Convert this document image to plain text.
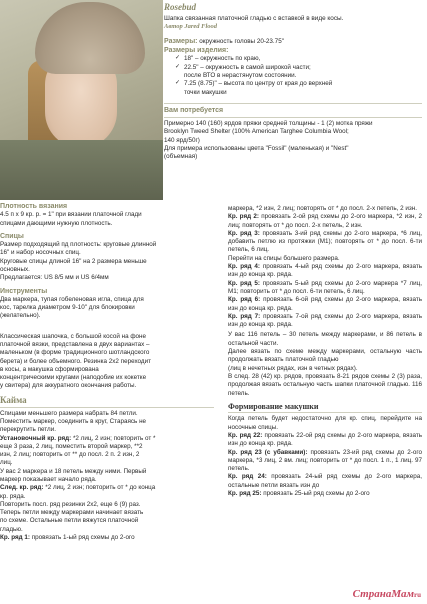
Rosebud
Шапка связанная платочной гладью с вставкой в виде косы.
Автор Jared Flood
Размеры: окружность головы 20-23.75"
Размеры изделия:
✓ 18" – окружность по краю,
✓ 22.5" – окружность в самой широкой части;
после ВТО в нерастянутом состоянии.
✓ 7.25 (8.75)" – высота по центру от края до верхней
точки макушки
Вам потребуется
Примерно 140 (160) ярдов пряжи средней толщины - 1 (2) мотка пряжи
Brooklyn Tweed Shelter (100% American Targhee Columbia Wool;
140 ярд/50г)
Для примера использованы цвета "Fossil" (маленькая) и "Nest"
(объемная)
Плотность вязания

4.5 п х 9 кр. р. = 1" при вязании платочной глади

спицами дающими нужную плотность.

Спицы

Размер подходящий пд плотность: круговые длинной

16" и набор носочных спиц.

Круговые спицы длиной 16" на 2 размера меньше

основных.

Предлагается: US 8/5 мм и US 6/4мм

Инструменты

Два маркера, тупая гобеленовая игла, спица для

кос, тарелка диаметром 9-10" для блокировки

(желательно).

Классическая шапочка, с большой косой на фоне

платочной вязки, представлена в двух вариантах –

маленьком (в форме традиционного шотландского

берета) и более объемного. Резинка 2х2 переходит

в косы, а макушка сформирована

концентрическими кругами (наподобие их кокетке

у свитера) для аккуратного окончания работы.

Кайма

Спицами меньшего размера набрать 84 петли.

Поместить маркер, соединить в круг, Стараясь не

перекрутить петли.

Установочный кр. ряд: *2 лиц, 2 изн; повторить от *

еще 3 раза, 2 лиц, поместить второй маркер, **2

изн, 2 лиц; повторить от ** до посл. 2 п. 2 изн, 2

лиц.

У вас 2 маркера и 18 петель между ними. Первый

маркер показывает начало ряда.

След. кр. ряд: *2 лиц, 2 изн; повторить от * до конца

кр. ряда.

Повторить посл. ряд резинки 2х2, еще 6 (9) раз.

Теперь петли между маркерами начинает вязать

по схеме. Остальные петли вяжутся платочной

гладью.

Кр. ряд 1: провязать 1-ый ряд схемы до 2-ого

маркера, *2 изн, 2 лиц; повторять от * до посл. 2-х петель, 2 изн.

Кр. ряд 2: провязать 2-ой ряд схемы до 2-ого маркера, *2 изн, 2 лиц; повторять от * до посл. 2-х петель, 2 изн.

Кр. ряд 3: провязать 3-ий ряд схемы до 2-ого маркера, *6 лиц, добавить петлю из протяжки (М1); повторять от * до посл. 6-ти петель, 6 лиц.

Перейти на спицы большего размера.

Кр. ряд 4: провязать 4-ый ряд схемы до 2-ого маркера, вязать изн до конца кр. ряда.

Кр. ряд 5: провязать 5-ый ряд схемы до 2-ого маркера *7 лиц, М1; повторить от * до посл. 6-ти петель, 6 лиц.

Кр. ряд 6: провязать 6-ой ряд схемы до 2-ого маркера, вязать изн до конца кр. ряда.

Кр. ряд 7: провязать 7-ой ряд схемы до 2-ого маркера, вязать изн до конца кр. ряда.

У вас 116 петель – 30 петель между маркерами, и 86 петель в остальной части.

Далее вязать по схеме между маркерами, остальную часть продолжать вязать платочной гладью

(лиц в нечетных рядах, изн в четных рядах).

В след. 28 (42) кр. рядов, провязать 8-21 рядов схемы 2 (3) раза, продолжая вязать остальную часть шапки платочной гладью. 116 петель.

Формирование макушки

Когда петель будет недостаточно для кр. спиц, перейдите на носочные спицы.

Кр. ряд 22: провязать 22-ой ряд схемы до 2-ого маркера, вязать изн до конца кр. ряда.

Кр. ряд 23 (с убавками): провязать 23-ий ряд схемы до 2-ого маркера, *3 лиц, 2 вм. лиц; повторить от * до посл. 1 п., 1 лиц. 97 петель.

Кр. ряд 24: провязать 24-ый ряд схемы до 2-ого маркера, остальные петли вязать изн до

Кр. ряд 25: провязать 25-ый ряд схемы до 2-ого

СтранаМамru
